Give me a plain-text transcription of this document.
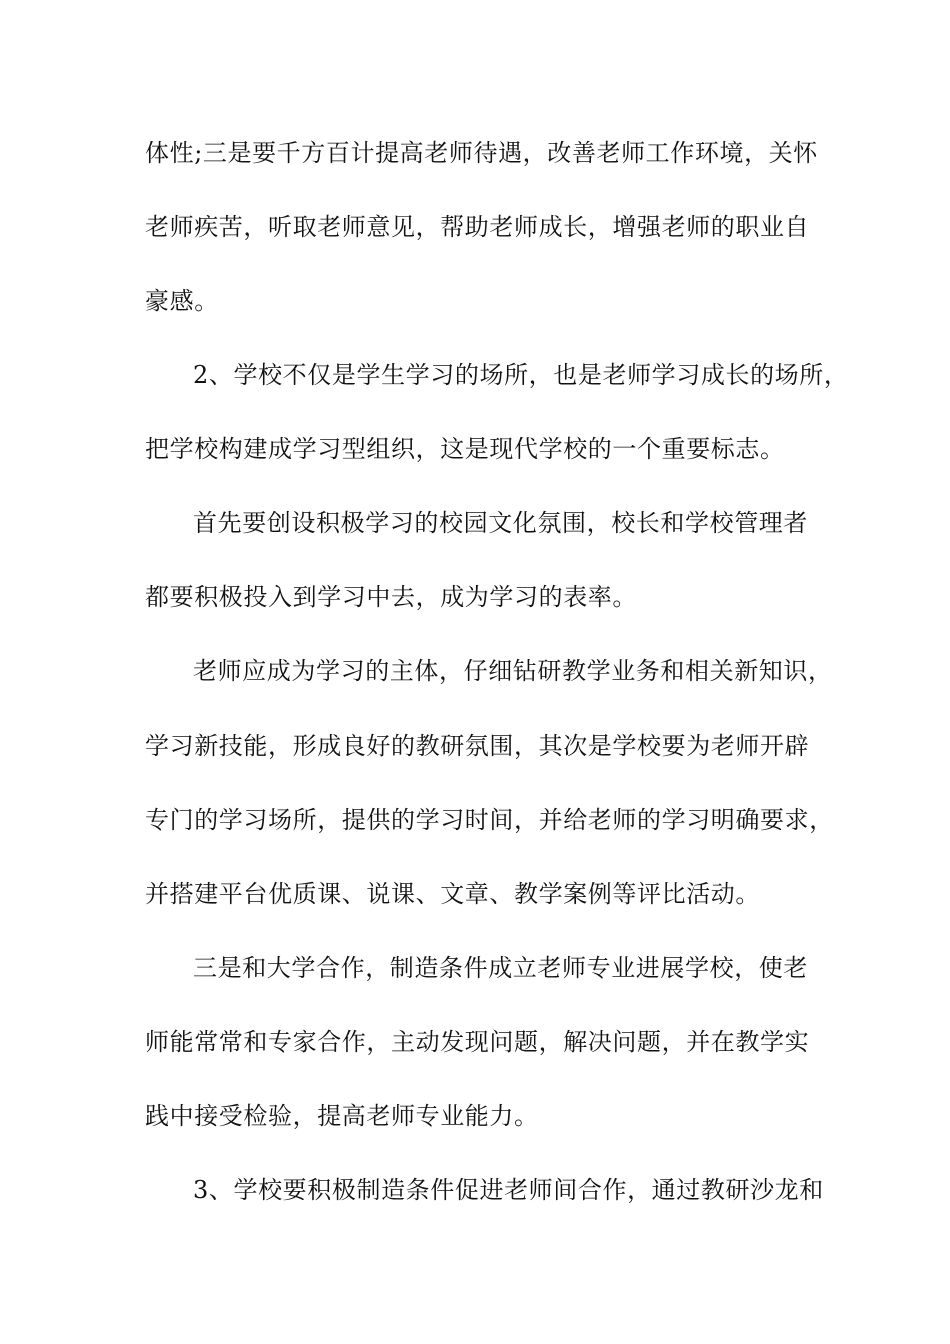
体性;三是要千方百计提高老师待遇，改善老师工作环境，关怀
老师疾苦，听取老师意见，帮助老师成长，增强老师的职业自
豪感。
2、学校不仅是学生学习的场所，也是老师学习成长的场所，
把学校构建成学习型组织，这是现代学校的一个重要标志。
首先要创设积极学习的校园文化氛围，校长和学校管理者
都要积极投入到学习中去，成为学习的表率。
老师应成为学习的主体，仔细钻研教学业务和相关新知识，
学习新技能，形成良好的教研氛围，其次是学校要为老师开辟
专门的学习场所，提供的学习时间，并给老师的学习明确要求，
并搭建平台优质课、说课、文章、教学案例等评比活动。
三是和大学合作，制造条件成立老师专业进展学校，使老
师能常常和专家合作，主动发现问题，解决问题，并在教学实
践中接受检验，提高老师专业能力。
3、学校要积极制造条件促进老师间合作，通过教研沙龙和
